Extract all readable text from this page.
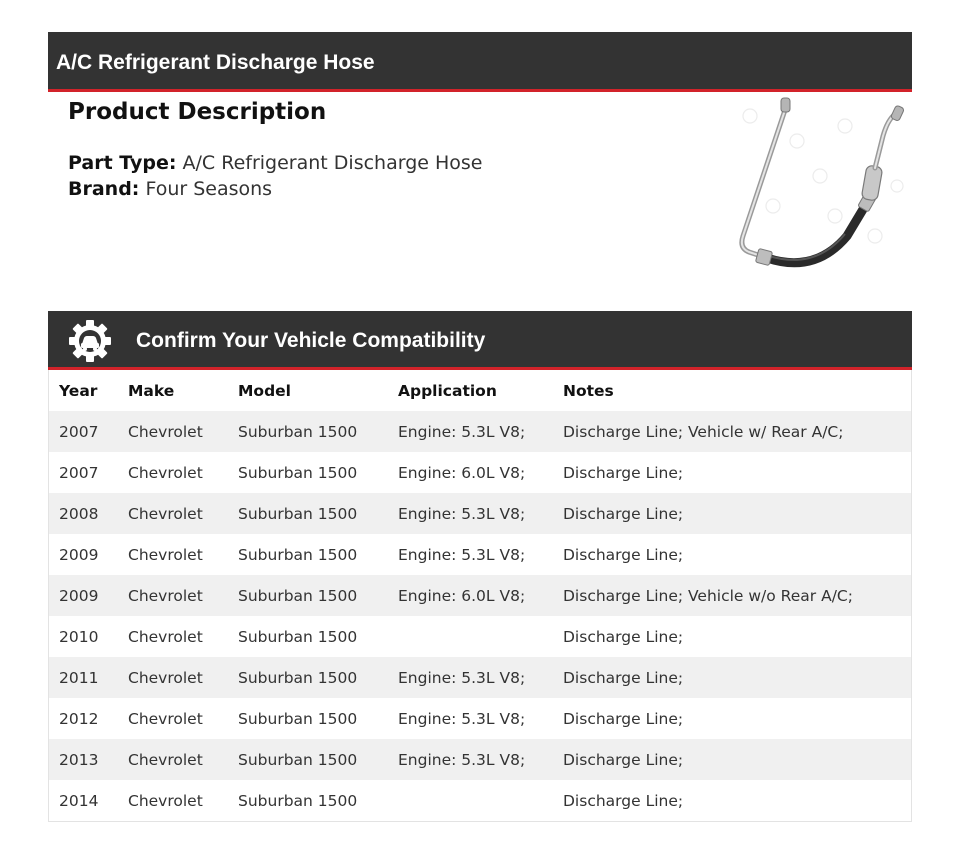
A/C Refrigerant Discharge Hose
Product Description
Part Type: A/C Refrigerant Discharge Hose
Brand: Four Seasons
Confirm Your Vehicle Compatibility
Year	Make	Model	Application	Notes
2007	Chevrolet	Suburban 1500	Engine: 5.3L V8;	Discharge Line; Vehicle w/ Rear A/C;
2007	Chevrolet	Suburban 1500	Engine: 6.0L V8;	Discharge Line;
2008	Chevrolet	Suburban 1500	Engine: 5.3L V8;	Discharge Line;
2009	Chevrolet	Suburban 1500	Engine: 5.3L V8;	Discharge Line;
2009	Chevrolet	Suburban 1500	Engine: 6.0L V8;	Discharge Line; Vehicle w/o Rear A/C;
2010	Chevrolet	Suburban 1500		Discharge Line;
2011	Chevrolet	Suburban 1500	Engine: 5.3L V8;	Discharge Line;
2012	Chevrolet	Suburban 1500	Engine: 5.3L V8;	Discharge Line;
2013	Chevrolet	Suburban 1500	Engine: 5.3L V8;	Discharge Line;
2014	Chevrolet	Suburban 1500		Discharge Line;
